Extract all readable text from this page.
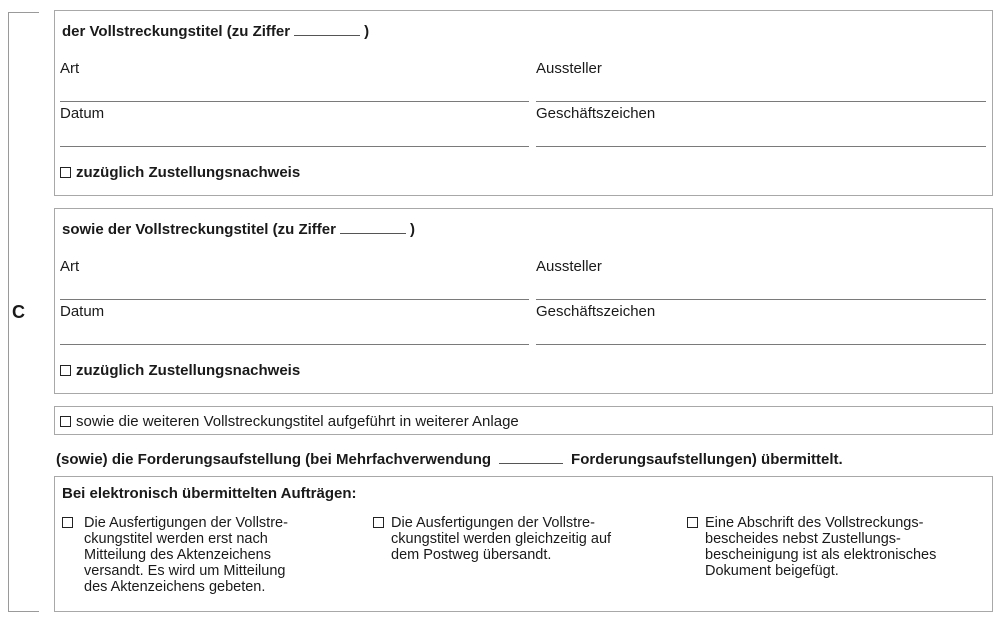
C
der Vollstreckungstitel (zu Ziffer	)
Art	Aussteller
Datum	Geschäftszeichen
zuzüglich Zustellungsnachweis
sowie der Vollstreckungstitel (zu Ziffer	)
Art	Aussteller
Datum	Geschäftszeichen
zuzüglich Zustellungsnachweis
sowie die weiteren Vollstreckungstitel aufgeführt in weiterer Anlage
(sowie) die Forderungsaufstellung (bei Mehrfachverwendung	Forderungsaufstellungen) übermittelt.
Bei elektronisch übermittelten Aufträgen:
Die Ausfertigungen der Vollstre-
ckungstitel werden erst nach
Mitteilung des Aktenzeichens
versandt. Es wird um Mitteilung
des Aktenzeichens gebeten.
Die Ausfertigungen der Vollstre-
ckungstitel werden gleichzeitig auf
dem Postweg übersandt.
Eine Abschrift des Vollstreckungs-
bescheides nebst Zustellungs-
bescheinigung ist als elektronisches
Dokument beigefügt.
